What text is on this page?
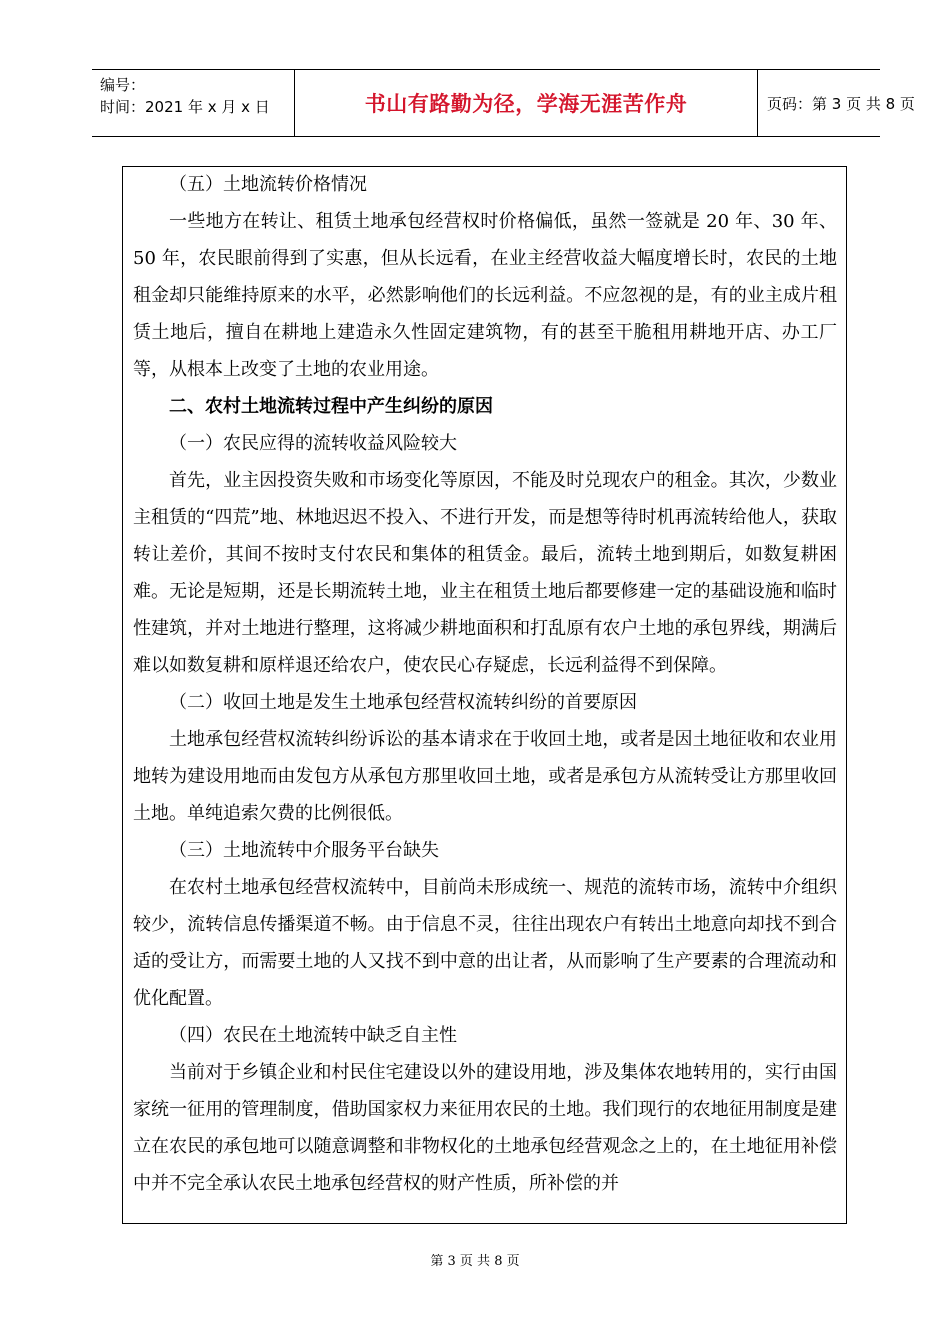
编号：
时间：2021 年 x 月 x 日	书山有路勤为径，学海无涯苦作舟	页码：第 3 页 共 8 页

（五）土地流转价格情况

一些地方在转让、租赁土地承包经营权时价格偏低，虽然一签就是 20 年、30 年、50 年，农民眼前得到了实惠，但从长远看，在业主经营收益大幅度增长时，农民的土地租金却只能维持原来的水平，必然影响他们的长远利益。不应忽视的是，有的业主成片租赁土地后，擅自在耕地上建造永久性固定建筑物，有的甚至干脆租用耕地开店、办工厂等，从根本上改变了土地的农业用途。

二、农村土地流转过程中产生纠纷的原因

（一）农民应得的流转收益风险较大

首先，业主因投资失败和市场变化等原因，不能及时兑现农户的租金。其次，少数业主租赁的“四荒”地、林地迟迟不投入、不进行开发，而是想等待时机再流转给他人，获取转让差价，其间不按时支付农民和集体的租赁金。最后，流转土地到期后，如数复耕困难。无论是短期，还是长期流转土地，业主在租赁土地后都要修建一定的基础设施和临时性建筑，并对土地进行整理，这将减少耕地面积和打乱原有农户土地的承包界线，期满后难以如数复耕和原样退还给农户，使农民心存疑虑，长远利益得不到保障。

（二）收回土地是发生土地承包经营权流转纠纷的首要原因

土地承包经营权流转纠纷诉讼的基本请求在于收回土地，或者是因土地征收和农业用地转为建设用地而由发包方从承包方那里收回土地，或者是承包方从流转受让方那里收回土地。单纯追索欠费的比例很低。

（三）土地流转中介服务平台缺失

在农村土地承包经营权流转中，目前尚未形成统一、规范的流转市场，流转中介组织较少，流转信息传播渠道不畅。由于信息不灵，往往出现农户有转出土地意向却找不到合适的受让方，而需要土地的人又找不到中意的出让者，从而影响了生产要素的合理流动和优化配置。

（四）农民在土地流转中缺乏自主性

当前对于乡镇企业和村民住宅建设以外的建设用地，涉及集体农地转用的，实行由国家统一征用的管理制度，借助国家权力来征用农民的土地。我们现行的农地征用制度是建立在农民的承包地可以随意调整和非物权化的土地承包经营观念之上的，在土地征用补偿中并不完全承认农民土地承包经营权的财产性质，所补偿的并

第 3 页 共 8 页
